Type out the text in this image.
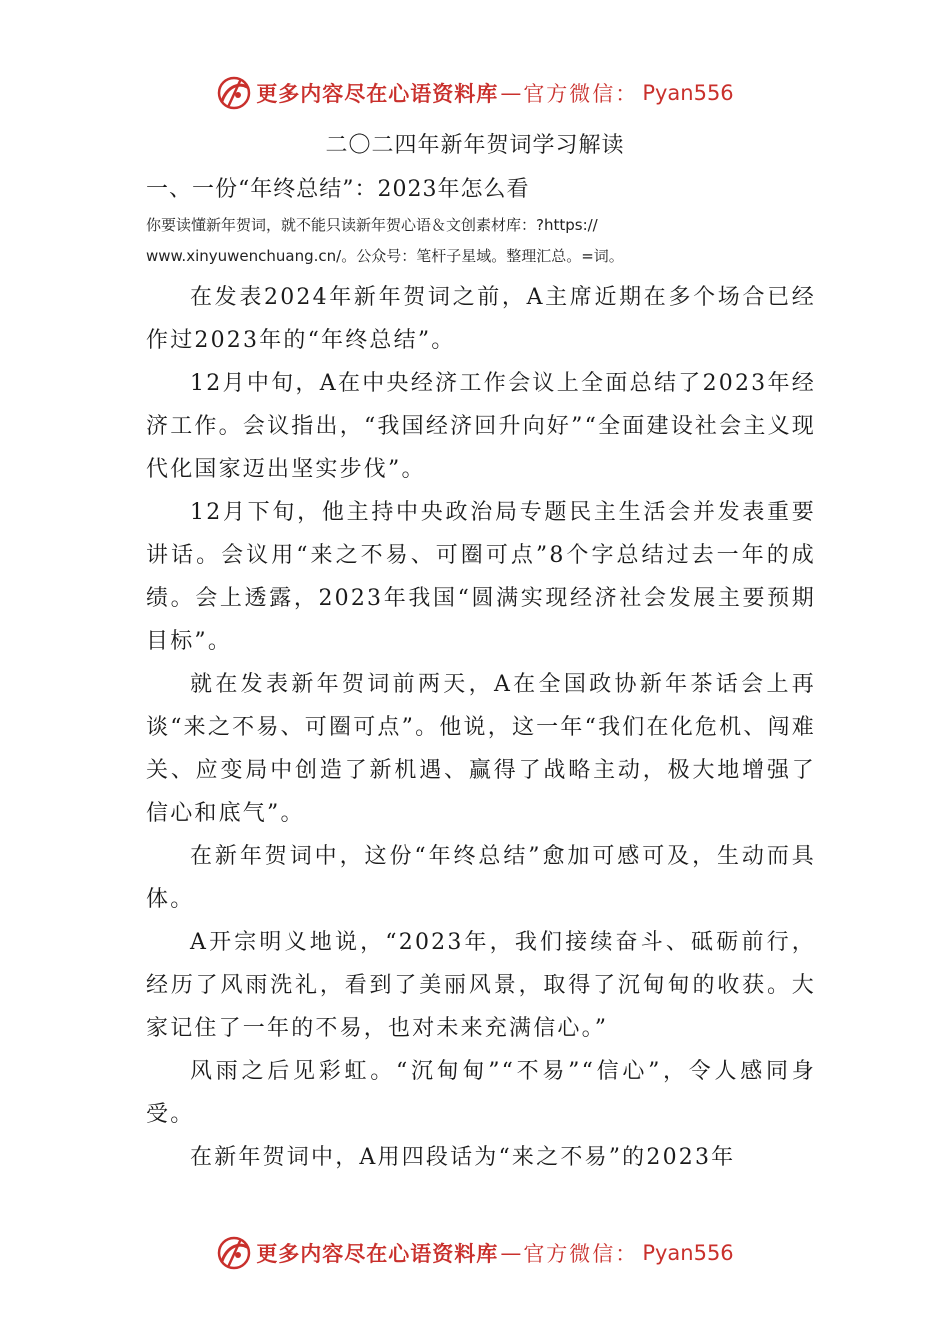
更多内容尽在心语资料库 — 官方微信： Pyan556
二〇二四年新年贺词学习解读
一、一份“年终总结”：2023年怎么看
你要读懂新年贺词，就不能只读新年贺心语＆文创素材库：?https://
www.xinyuwenchuang.cn/。公众号：笔杆子星域。整理汇总。=词。

在发表2024年新年贺词之前，A主席近期在多个场合已经作过2023年的“年终总结”。

12月中旬，A在中央经济工作会议上全面总结了2023年经济工作。会议指出，“我国经济回升向好”“全面建设社会主义现代化国家迈出坚实步伐”。

12月下旬，他主持中央政治局专题民主生活会并发表重要讲话。会议用“来之不易、可圈可点”8个字总结过去一年的成绩。会上透露，2023年我国“圆满实现经济社会发展主要预期目标”。

就在发表新年贺词前两天，A在全国政协新年茶话会上再谈“来之不易、可圈可点”。他说，这一年“我们在化危机、闯难关、应变局中创造了新机遇、赢得了战略主动，极大地增强了信心和底气”。

在新年贺词中，这份“年终总结”愈加可感可及，生动而具体。

A开宗明义地说，“2023年，我们接续奋斗、砥砺前行，经历了风雨洗礼，看到了美丽风景，取得了沉甸甸的收获。大家记住了一年的不易，也对未来充满信心。”

风雨之后见彩虹。“沉甸甸”“不易”“信心”，令人感同身受。

在新年贺词中，A用四段话为“来之不易”的2023年

更多内容尽在心语资料库 — 官方微信： Pyan556
